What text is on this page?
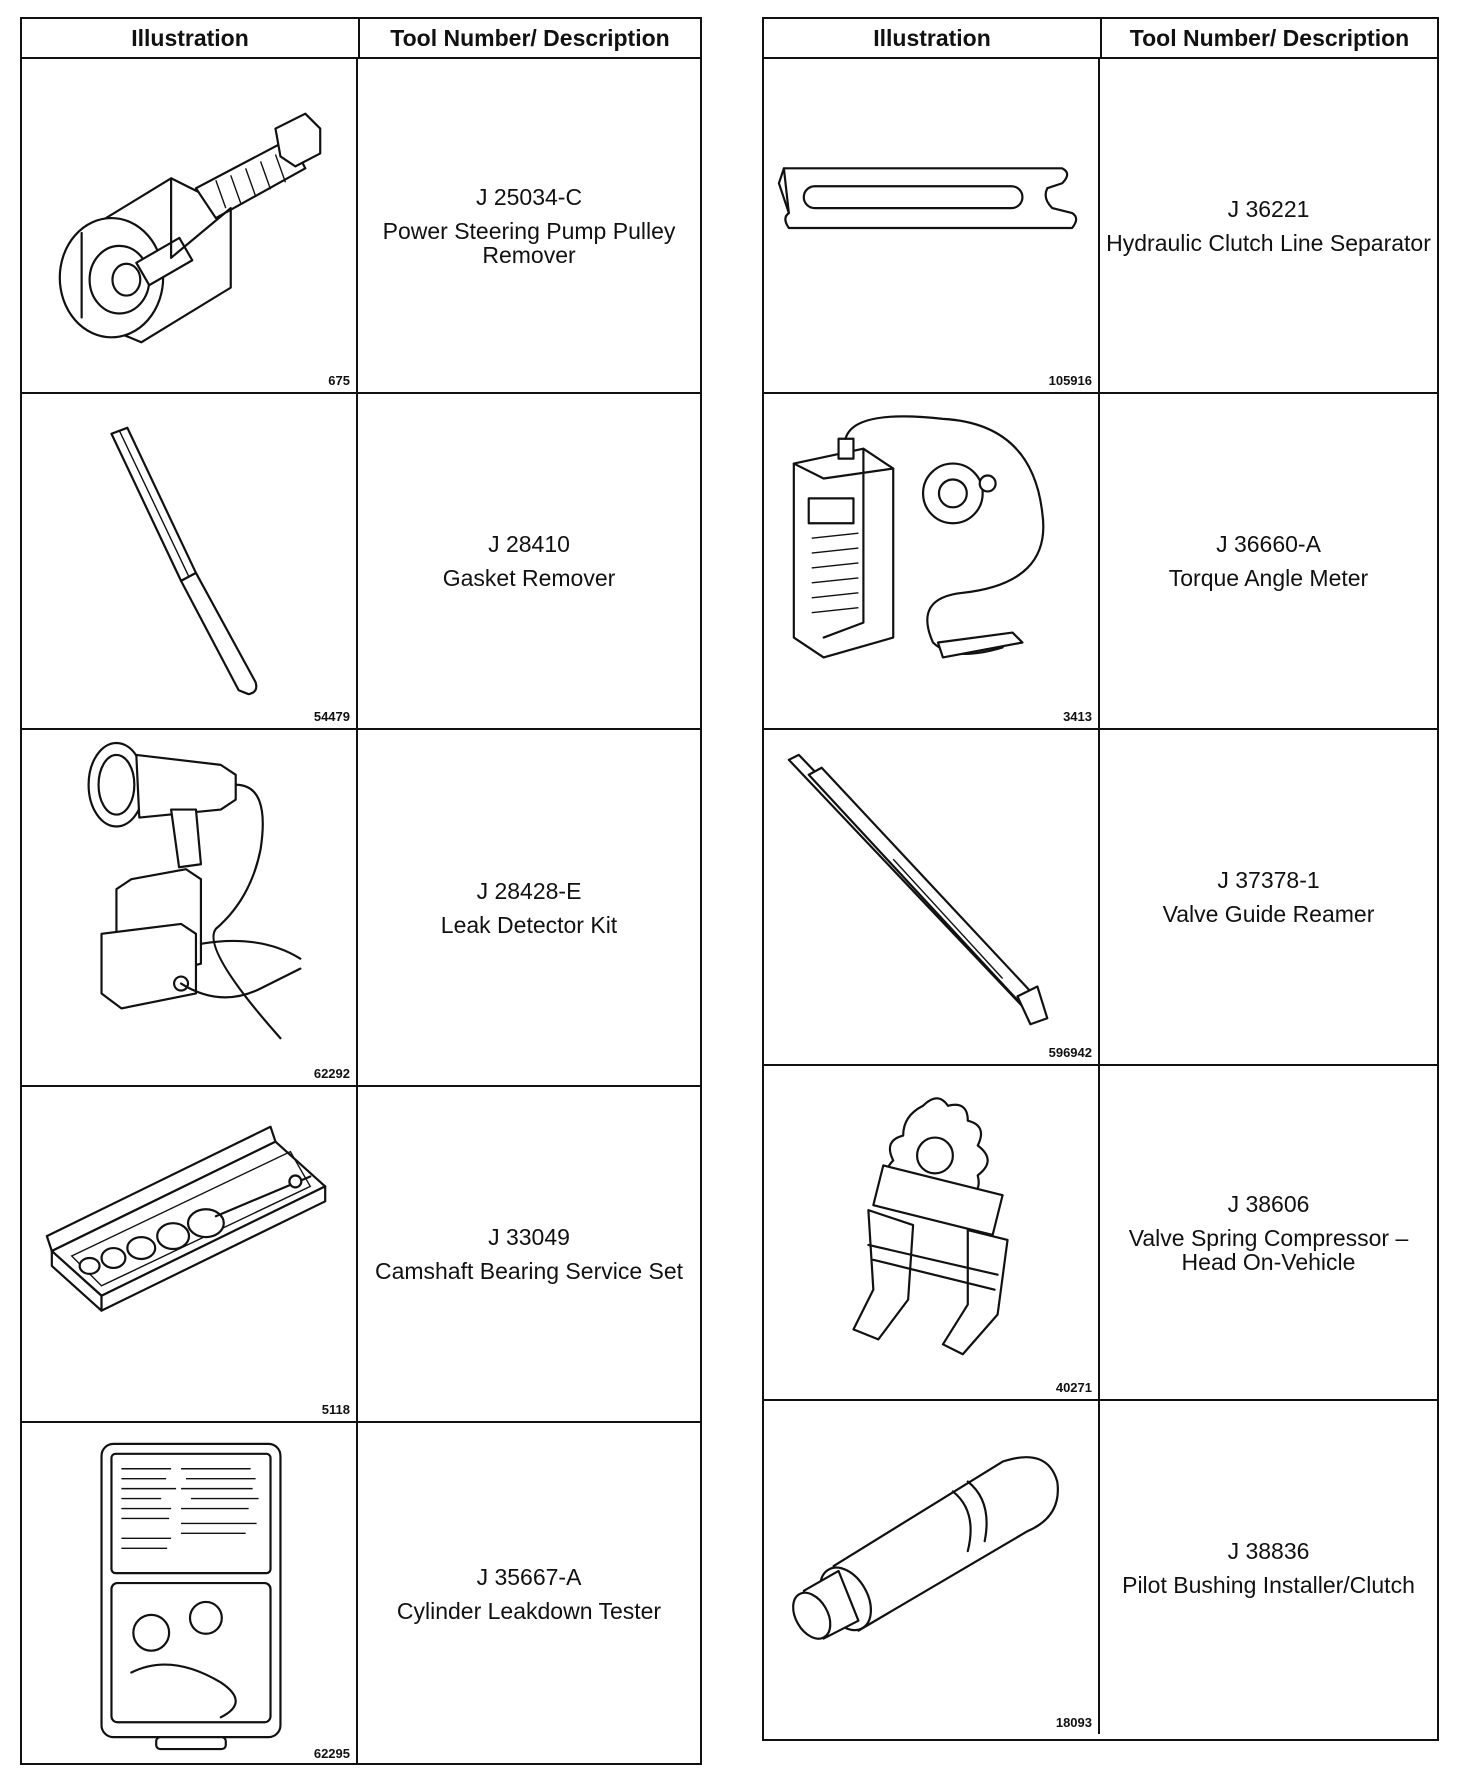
Illustration	Tool Number/ Description
675
J 25034-C
Power Steering Pump Pulley Remover
54479
J 28410
Gasket Remover
62292
J 28428-E
Leak Detector Kit
5118
J 33049
Camshaft Bearing Service Set
62295
J 35667-A
Cylinder Leakdown Tester
Illustration	Tool Number/ Description
105916
J 36221
Hydraulic Clutch Line Separator
3413
J 36660-A
Torque Angle Meter
596942
J 37378-1
Valve Guide Reamer
40271
J 38606
Valve Spring Compressor – Head On-Vehicle
18093
J 38836
Pilot Bushing Installer/Clutch
